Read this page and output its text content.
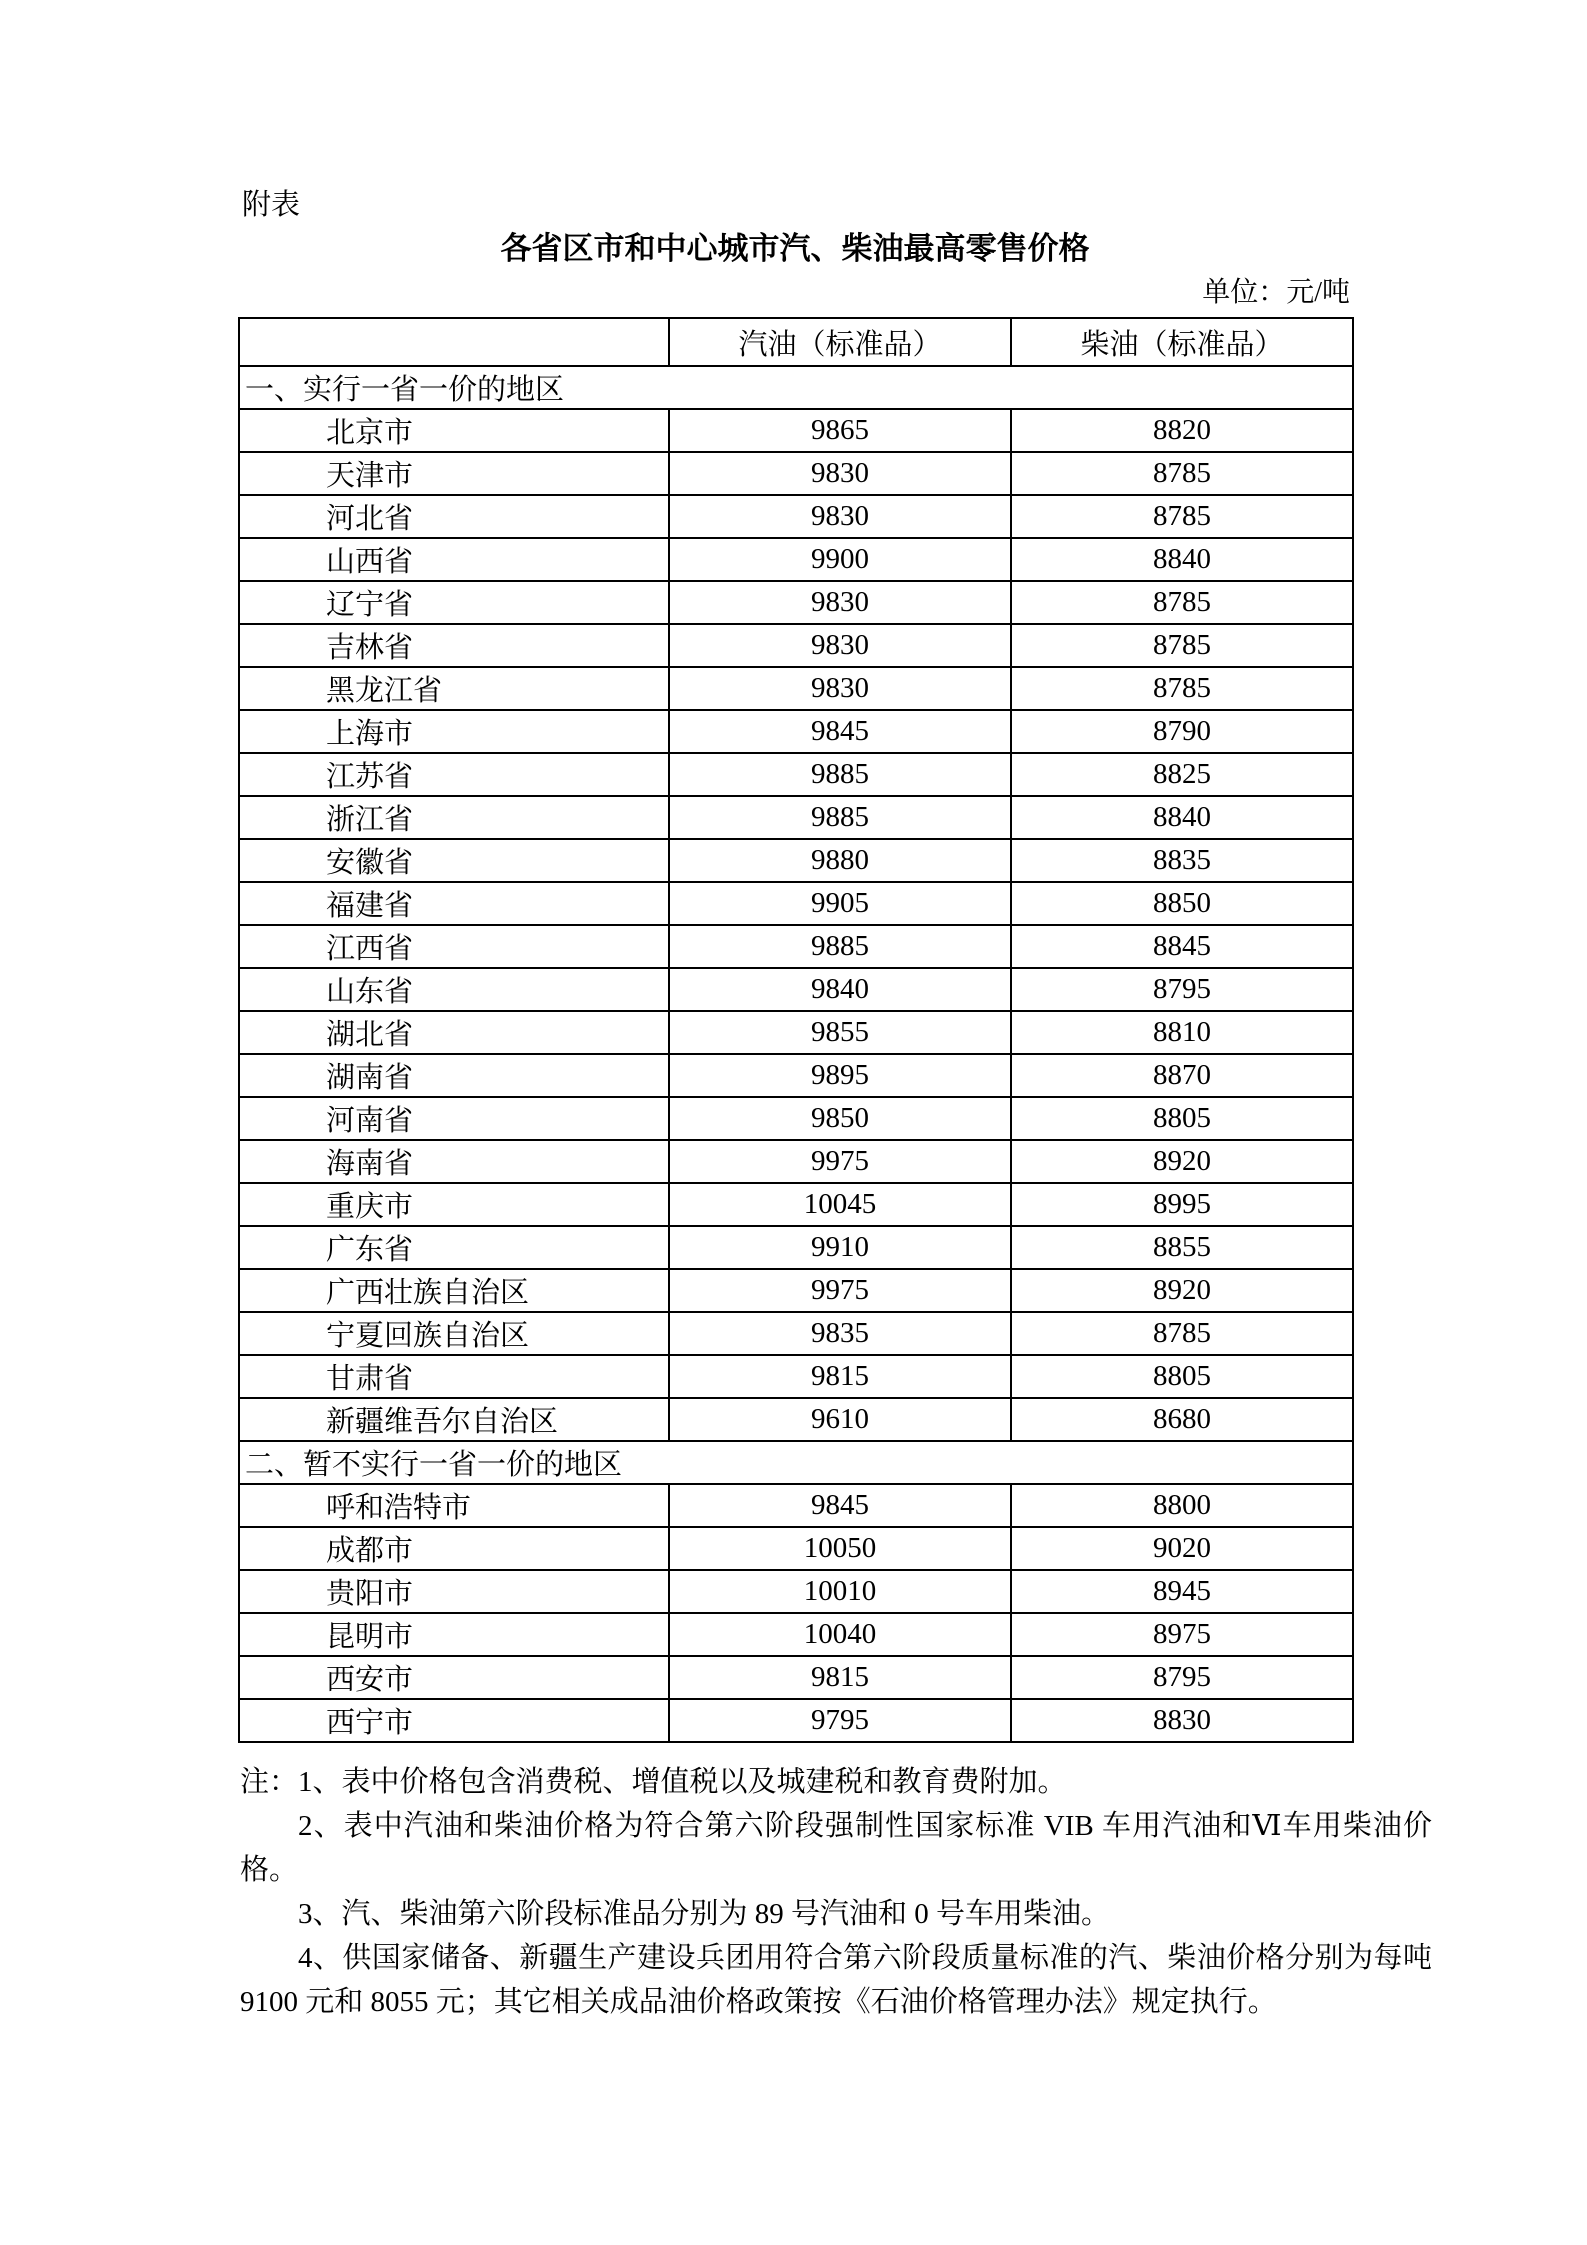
附表
各省区市和中心城市汽、柴油最高零售价格
单位：元/吨
	汽油（标准品）	柴油（标准品）
一、实行一省一价的地区		
北京市	9865	8820
天津市	9830	8785
河北省	9830	8785
山西省	9900	8840
辽宁省	9830	8785
吉林省	9830	8785
黑龙江省	9830	8785
上海市	9845	8790
江苏省	9885	8825
浙江省	9885	8840
安徽省	9880	8835
福建省	9905	8850
江西省	9885	8845
山东省	9840	8795
湖北省	9855	8810
湖南省	9895	8870
河南省	9850	8805
海南省	9975	8920
重庆市	10045	8995
广东省	9910	8855
广西壮族自治区	9975	8920
宁夏回族自治区	9835	8785
甘肃省	9815	8805
新疆维吾尔自治区	9610	8680
二、暂不实行一省一价的地区		
呼和浩特市	9845	8800
成都市	10050	9020
贵阳市	10010	8945
昆明市	10040	8975
西安市	9815	8795
西宁市	9795	8830
注：1、表中价格包含消费税、增值税以及城建税和教育费附加。
2、表中汽油和柴油价格为符合第六阶段强制性国家标准 VIB 车用汽油和Ⅵ车用柴油价格。
3、汽、柴油第六阶段标准品分别为 89 号汽油和 0 号车用柴油。
4、供国家储备、新疆生产建设兵团用符合第六阶段质量标准的汽、柴油价格分别为每吨 9100 元和 8055 元；其它相关成品油价格政策按《石油价格管理办法》规定执行。
